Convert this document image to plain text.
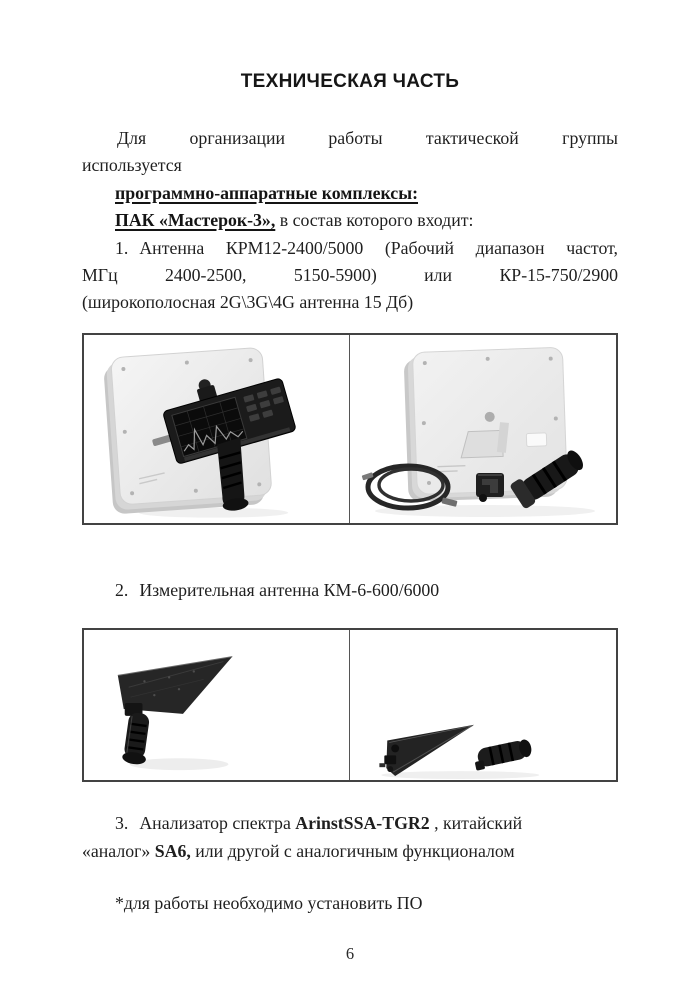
ТЕХНИЧЕСКАЯ ЧАСТЬ
Для организации работы тактической группы
используется
программно-аппаратные комплексы:
ПАК «Мастерок-3», в состав которого входит:
1. Антенна КРМ12-2400/5000 (Рабочий диапазон частот,
МГц 2400-2500, 5150-5900) или КР-15-750/2900
(широкополосная 2G\3G\4G антенна 15 Дб)
2. Измерительная антенна КМ-6-600/6000
3. Анализатор спектра ArinstSSA-TGR2 , китайский
«аналог» SA6, или другой с аналогичным функционалом
*для работы необходимо установить ПО
6
